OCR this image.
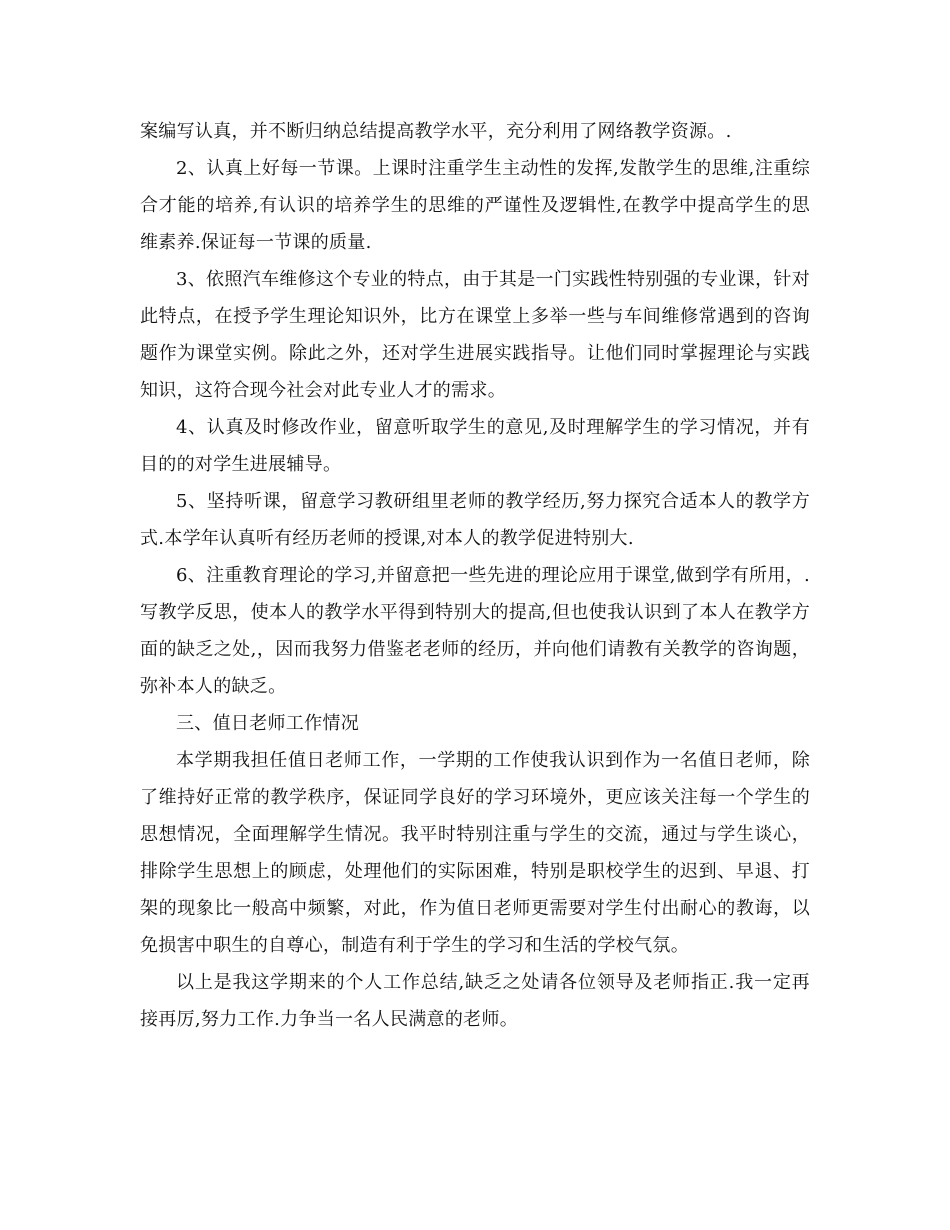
案编写认真，并不断归纳总结提高教学水平，充分利用了网络教学资源。.

2、认真上好每一节课。上课时注重学生主动性的发挥,发散学生的思维,注重综合才能的培养,有认识的培养学生的思维的严谨性及逻辑性,在教学中提高学生的思维素养.保证每一节课的质量.

3、依照汽车维修这个专业的特点，由于其是一门实践性特别强的专业课，针对此特点，在授予学生理论知识外，比方在课堂上多举一些与车间维修常遇到的咨询题作为课堂实例。除此之外，还对学生进展实践指导。让他们同时掌握理论与实践知识，这符合现今社会对此专业人才的需求。

4、认真及时修改作业，留意听取学生的意见,及时理解学生的学习情况，并有目的的对学生进展辅导。

5、坚持听课，留意学习教研组里老师的教学经历,努力探究合适本人的教学方式.本学年认真听有经历老师的授课,对本人的教学促进特别大.

6、注重教育理论的学习,并留意把一些先进的理论应用于课堂,做到学有所用，.写教学反思，使本人的教学水平得到特别大的提高,但也使我认识到了本人在教学方面的缺乏之处,，因而我努力借鉴老老师的经历，并向他们请教有关教学的咨询题，弥补本人的缺乏。

三、值日老师工作情况

本学期我担任值日老师工作，一学期的工作使我认识到作为一名值日老师，除了维持好正常的教学秩序，保证同学良好的学习环境外，更应该关注每一个学生的思想情况，全面理解学生情况。我平时特别注重与学生的交流，通过与学生谈心，排除学生思想上的顾虑，处理他们的实际困难，特别是职校学生的迟到、早退、打架的现象比一般高中频繁，对此，作为值日老师更需要对学生付出耐心的教诲，以免损害中职生的自尊心，制造有利于学生的学习和生活的学校气氛。

以上是我这学期来的个人工作总结,缺乏之处请各位领导及老师指正.我一定再接再厉,努力工作.力争当一名人民满意的老师。
